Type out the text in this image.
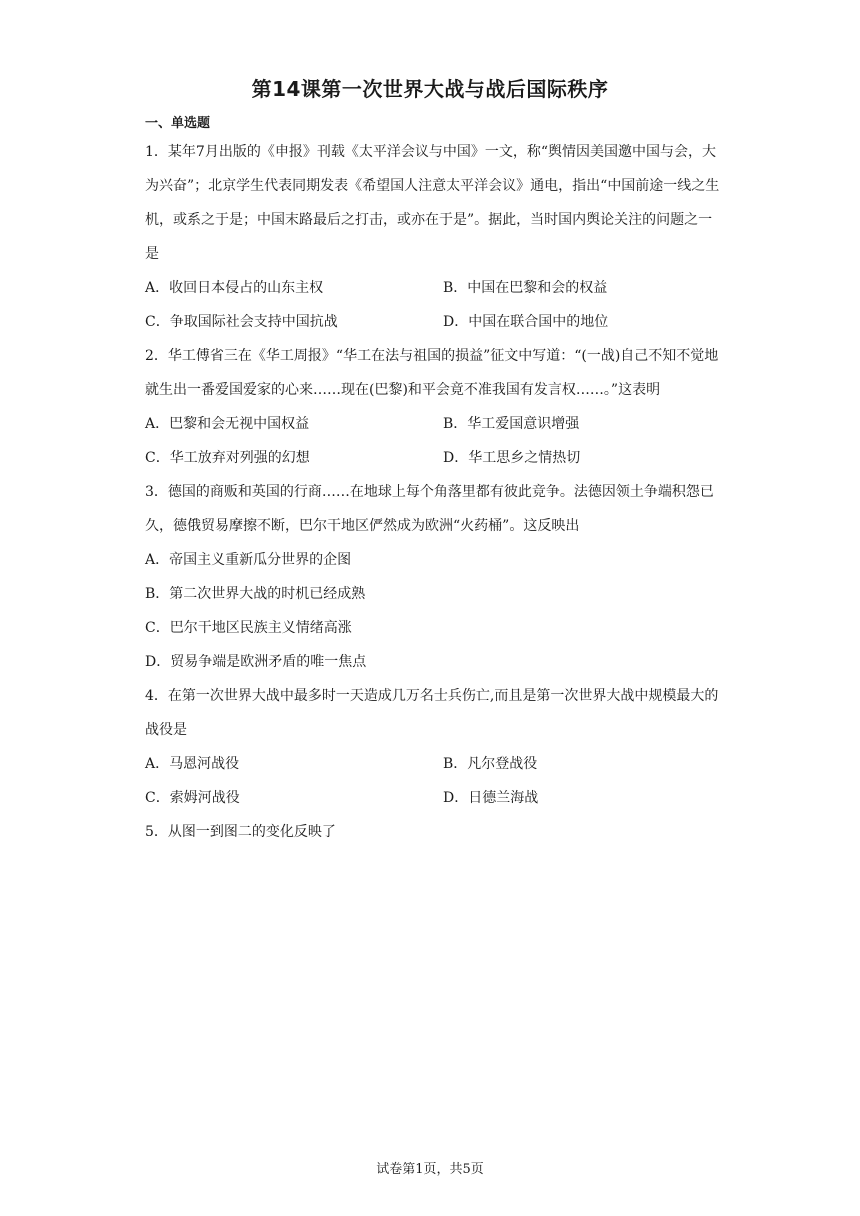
第14课第一次世界大战与战后国际秩序
一、单选题

1．某年7月出版的《申报》刊载《太平洋会议与中国》一文，称“舆情因美国邀中国与会，大为兴奋”；北京学生代表同期发表《希望国人注意太平洋会议》通电，指出“中国前途一线之生机，或系之于是；中国末路最后之打击，或亦在于是”。据此，当时国内舆论关注的问题之一是

A．收回日本侵占的山东主权	B．中国在巴黎和会的权益
C．争取国际社会支持中国抗战	D．中国在联合国中的地位

2．华工傅省三在《华工周报》“华工在法与祖国的损益”征文中写道：“(一战)自己不知不觉地就生出一番爱国爱家的心来……现在(巴黎)和平会竟不准我国有发言权……。”这表明

A．巴黎和会无视中国权益	B．华工爱国意识增强
C．华工放弃对列强的幻想	D．华工思乡之情热切

3．德国的商贩和英国的行商……在地球上每个角落里都有彼此竞争。法德因领土争端积怨已久，德俄贸易摩擦不断，巴尔干地区俨然成为欧洲“火药桶”。这反映出

A．帝国主义重新瓜分世界的企图
B．第二次世界大战的时机已经成熟
C．巴尔干地区民族主义情绪高涨
D．贸易争端是欧洲矛盾的唯一焦点

4．在第一次世界大战中最多时一天造成几万名士兵伤亡,而且是第一次世界大战中规模最大的战役是

A．马恩河战役	B．凡尔登战役
C．索姆河战役	D．日德兰海战

5．从图一到图二的变化反映了

试卷第1页，共5页
